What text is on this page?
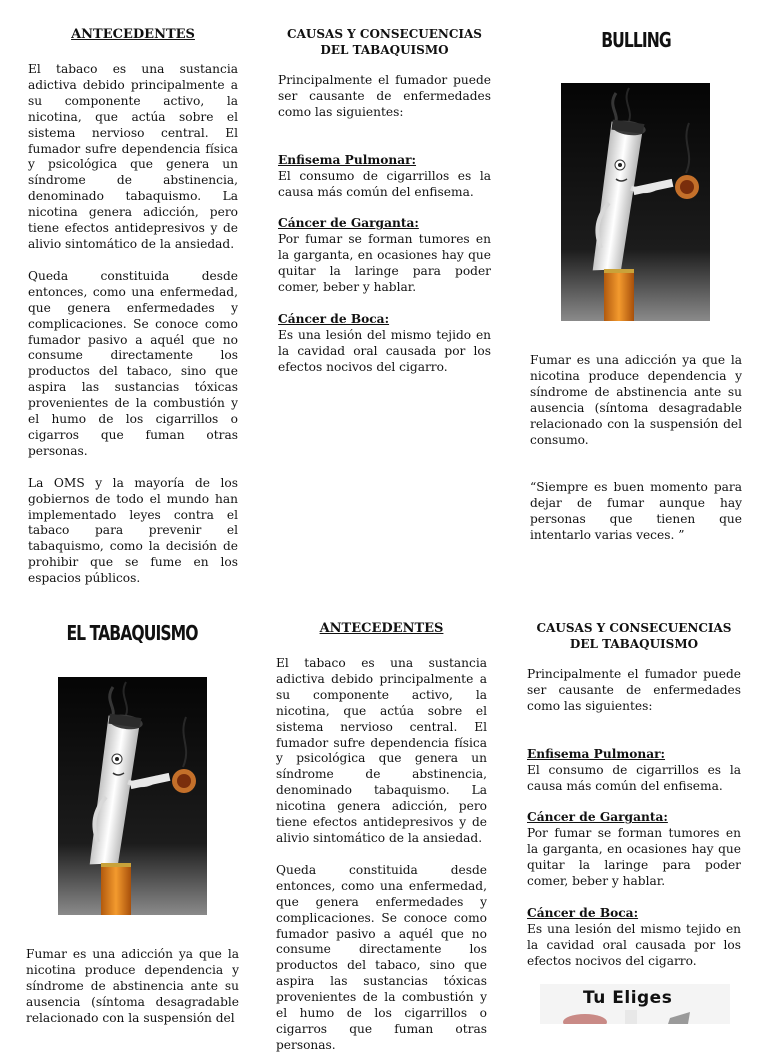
ANTECEDENTES

El tabaco es una sustancia adictiva debido principalmente a su componente activo, la nicotina, que actúa sobre el sistema nervioso central. El fumador sufre dependencia física y psicológica que genera un síndrome de abstinencia, denominado tabaquismo. La nicotina genera adicción, pero tiene efectos antidepresivos y de alivio sintomático de la ansiedad.

Queda constituida desde entonces, como una enfermedad, que genera enfermedades y complicaciones. Se conoce como fumador pasivo a aquél que no consume directamente los productos del tabaco, sino que aspira las sustancias tóxicas provenientes de la combustión y el humo de los cigarrillos o cigarros que fuman otras personas.

La OMS y la mayoría de los gobiernos de todo el mundo han implementado leyes contra el tabaco para prevenir el tabaquismo, como la decisión de prohibir que se fume en los espacios públicos.

CAUSAS Y CONSECUENCIAS DEL TABAQUISMO

Principalmente el fumador puede ser causante de enfermedades como las siguientes:

Enfisema Pulmonar:

El consumo de cigarrillos es la causa más común del enfisema.

Cáncer de Garganta:

Por fumar se forman tumores en la garganta, en ocasiones hay que quitar la laringe para poder comer, beber y hablar.

Cáncer de Boca:

Es una lesión del mismo tejido en la cavidad oral causada por los efectos nocivos del cigarro.

BULLING

Fumar es una adicción ya que la nicotina produce dependencia y síndrome de abstinencia ante su ausencia (síntoma desagradable relacionado con la suspensión del consumo.

“Siempre es buen momento para dejar de fumar aunque hay personas que tienen que intentarlo varias veces. ”

EL TABAQUISMO

Fumar es una adicción ya que la nicotina produce dependencia y síndrome de abstinencia ante su ausencia (síntoma desagradable relacionado con la suspensión del

ANTECEDENTES

El tabaco es una sustancia adictiva debido principalmente a su componente activo, la nicotina, que actúa sobre el sistema nervioso central. El fumador sufre dependencia física y psicológica que genera un síndrome de abstinencia, denominado tabaquismo. La nicotina genera adicción, pero tiene efectos antidepresivos y de alivio sintomático de la ansiedad.

Queda constituida desde entonces, como una enfermedad, que genera enfermedades y complicaciones. Se conoce como fumador pasivo a aquél que no consume directamente los productos del tabaco, sino que aspira las sustancias tóxicas provenientes de la combustión y el humo de los cigarrillos o cigarros que fuman otras personas.

CAUSAS Y CONSECUENCIAS DEL TABAQUISMO

Principalmente el fumador puede ser causante de enfermedades como las siguientes:

Enfisema Pulmonar:

El consumo de cigarrillos es la causa más común del enfisema.

Cáncer de Garganta:

Por fumar se forman tumores en la garganta, en ocasiones hay que quitar la laringe para poder comer, beber y hablar.

Cáncer de Boca:

Es una lesión del mismo tejido en la cavidad oral causada por los efectos nocivos del cigarro.

Tu Eliges
